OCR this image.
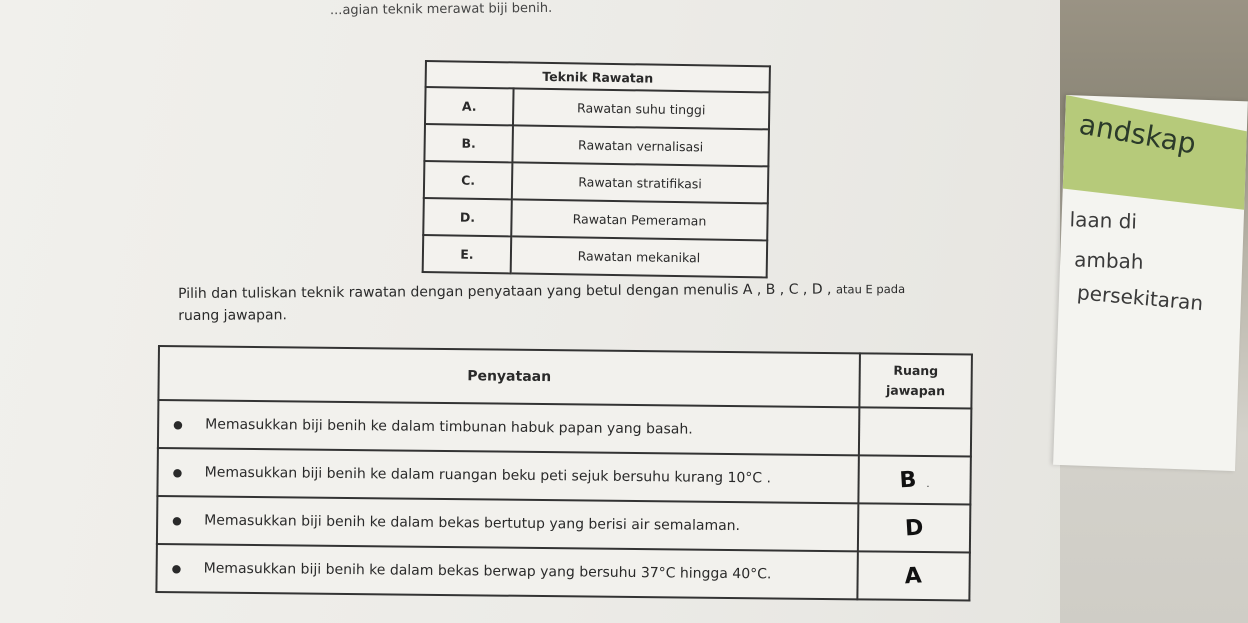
andskap
laan di
ambah
persekitaran
...agian teknik merawat biji benih.
Teknik Rawatan	
A.	Rawatan suhu tinggi
B.	Rawatan vernalisasi
C.	Rawatan stratifikasi
D.	Rawatan Pemeraman
E.	Rawatan mekanikal
Pilih dan tuliskan teknik rawatan dengan penyataan yang betul dengan menulis A , B , C , D , atau E pada
ruang jawapan.
Penyataan	Ruang
jawapan
● Memasukkan biji benih ke dalam timbunan habuk papan yang basah.	
● Memasukkan biji benih ke dalam ruangan beku peti sejuk bersuhu kurang 10°C .	B .
● Memasukkan biji benih ke dalam bekas bertutup yang berisi air semalaman.	D
● Memasukkan biji benih ke dalam bekas berwap yang bersuhu 37°C hingga 40°C.	A
